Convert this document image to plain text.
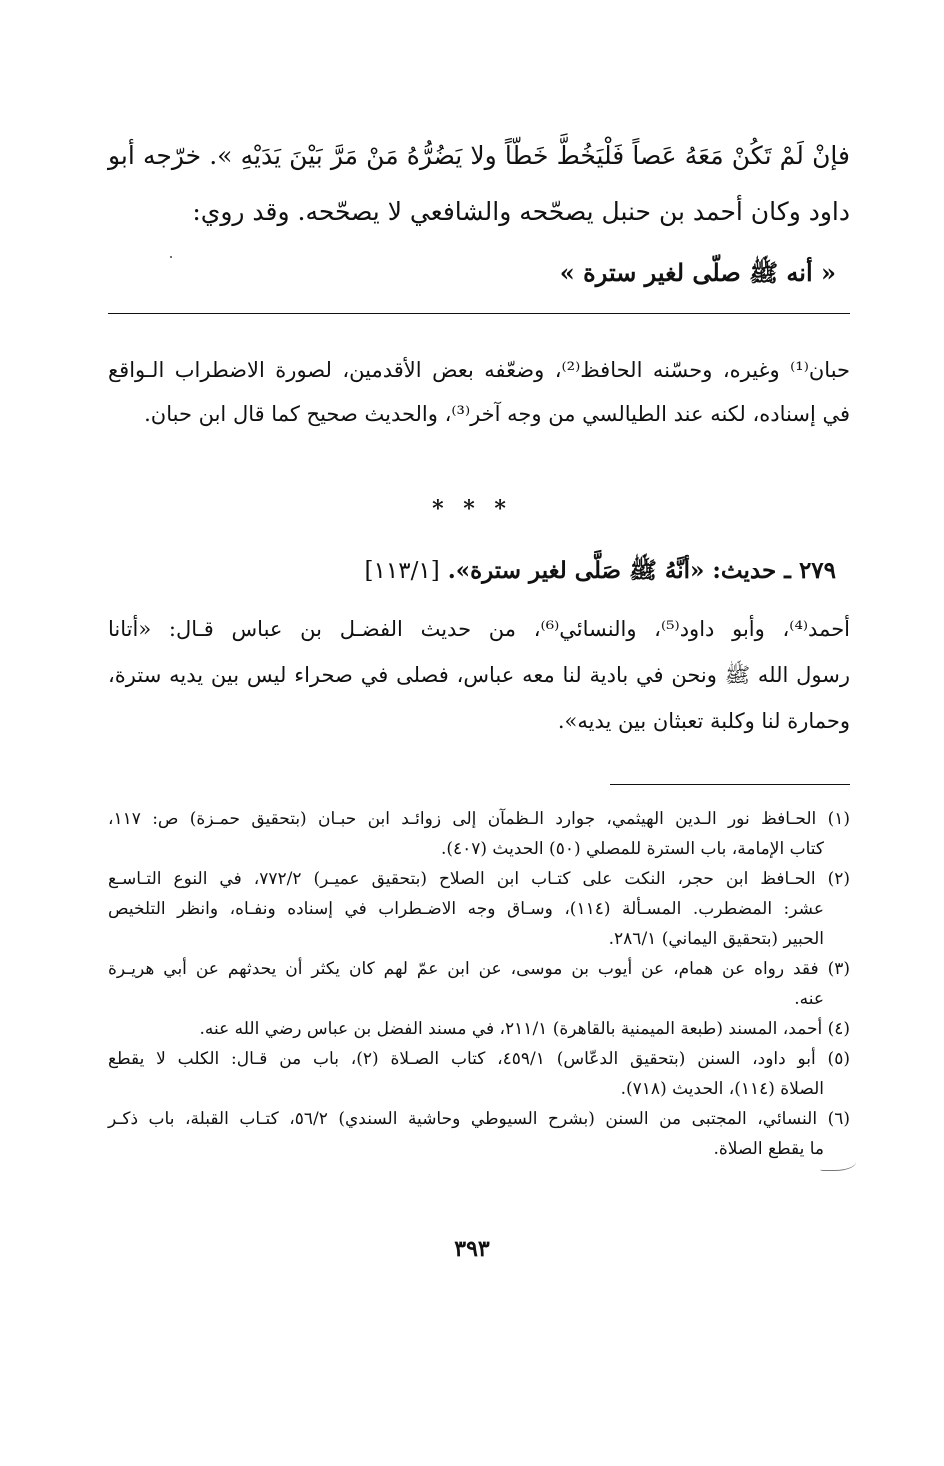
فإنْ لَمْ تَكُنْ مَعَهُ عَصاً فَلْيَخُطَّ خَطّاً ولا يَضُرُّهُ مَنْ مَرَّ بَيْنَ يَدَيْهِ ». خرّجه أبو
داود وكان أحمد بن حنبل يصحّحه والشافعي لا يصحّحه. وقد روي:
« أنه ﷺ صلّى لغير سترة »
حبان⁽¹⁾ وغيره، وحسّنه الحافظ⁽²⁾، وضعّفه بعض الأقدمين، لصورة الاضطراب الـواقع
في إسناده، لكنه عند الطيالسي من وجه آخر⁽³⁾، والحديث صحيح كما قال ابن حبان.
* * *
٢٧٩ ـ حديث: «أنَّهُ ﷺ صَلَّى لغير سترة». [١١٣/١]
أحمد⁽⁴⁾، وأبو داود⁽⁵⁾، والنسائي⁽⁶⁾، من حديث الفضـل بن عباس قـال: «أتانا
رسول الله ﷺ ونحن في بادية لنا معه عباس، فصلى في صحراء ليس بين يديه سترة،
وحمارة لنا وكلبة تعبثان بين يديه».
(١) الحـافظ نور الـدين الهيثمي، جوارد الـظمآن إلى زوائـد ابن حبـان (بتحقيق حمـزة) ص: ١١٧،
كتاب الإمامة، باب السترة للمصلي (٥٠) الحديث (٤٠٧).
(٢) الحـافظ ابن حجر، النكت على كتـاب ابن الصلاح (بتحقيق عميـر) ٧٧٢/٢، في النوع التـاسـع
عشر: المضطرب. المسـألة (١١٤)، وسـاق وجه الاضـطراب في إسناده ونفـاه، وانظر التلخيص
الحبير (بتحقيق اليماني) ٢٨٦/١.
(٣) فقد رواه عن همام، عن أيوب بن موسى، عن ابن عمّ لهم كان يكثر أن يحدثهم عن أبي هريـرة
عنه.
(٤) أحمد، المسند (طبعة الميمنية بالقاهرة) ٢١١/١، في مسند الفضل بن عباس رضي الله عنه.
(٥) أبو داود، السنن (بتحقيق الدعّاس) ٤٥٩/١، كتاب الصـلاة (٢)، باب من قـال: الكلب لا يقطع
الصلاة (١١٤)، الحديث (٧١٨).
(٦) النسائي، المجتبى من السنن (بشرح السيوطي وحاشية السندي) ٥٦/٢، كتـاب القبلة، باب ذكـر
ما يقطع الصلاة.
٣٩٣
